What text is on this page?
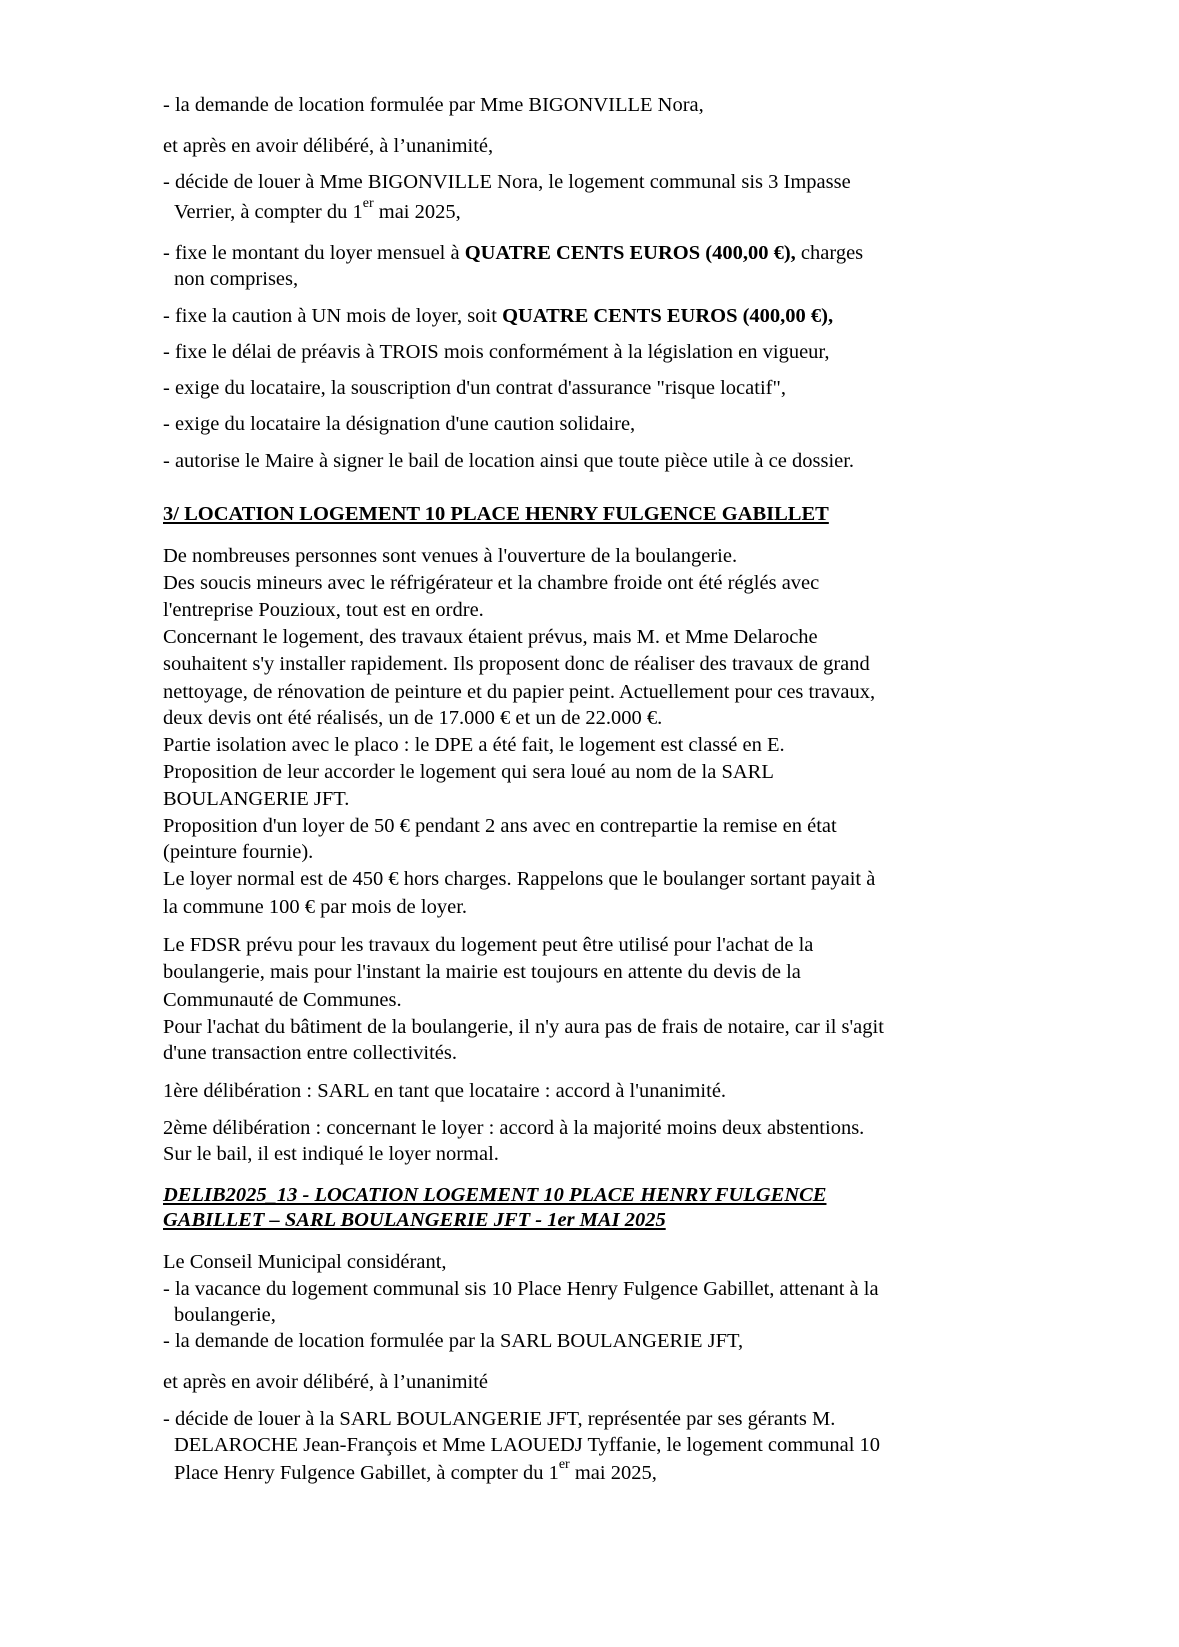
- la demande de location formulée par Mme BIGONVILLE Nora,
et après en avoir délibéré, à l’unanimité,
- décide de louer à Mme BIGONVILLE Nora, le logement communal sis 3 Impasse
Verrier, à compter du 1er mai 2025,
- fixe le montant du loyer mensuel à QUATRE CENTS EUROS (400,00 €), charges
non comprises,
- fixe la caution à UN mois de loyer, soit QUATRE CENTS EUROS (400,00 €),
- fixe le délai de préavis à TROIS mois conformément à la législation en vigueur,
- exige du locataire, la souscription d'un contrat d'assurance "risque locatif",
- exige du locataire la désignation d'une caution solidaire,
- autorise le Maire à signer le bail de location ainsi que toute pièce utile à ce dossier.
3/ LOCATION LOGEMENT 10 PLACE HENRY FULGENCE GABILLET
De nombreuses personnes sont venues à l'ouverture de la boulangerie.
Des soucis mineurs avec le réfrigérateur et la chambre froide ont été réglés avec
l'entreprise Pouzioux, tout est en ordre.
Concernant le logement, des travaux étaient prévus, mais M. et Mme Delaroche
souhaitent s'y installer rapidement. Ils proposent donc de réaliser des travaux de grand
nettoyage, de rénovation de peinture et du papier peint. Actuellement pour ces travaux,
deux devis ont été réalisés, un de 17.000 € et un de 22.000 €.
Partie isolation avec le placo : le DPE a été fait, le logement est classé en E.
Proposition de leur accorder le logement qui sera loué au nom de la SARL
BOULANGERIE JFT.
Proposition d'un loyer de 50 € pendant 2 ans avec en contrepartie la remise en état
(peinture fournie).
Le loyer normal est de 450 € hors charges. Rappelons que le boulanger sortant payait à
la commune 100 € par mois de loyer.
Le FDSR prévu pour les travaux du logement peut être utilisé pour l'achat de la
boulangerie, mais pour l'instant la mairie est toujours en attente du devis de la
Communauté de Communes.
Pour l'achat du bâtiment de la boulangerie, il n'y aura pas de frais de notaire, car il s'agit
d'une transaction entre collectivités.
1ère délibération : SARL en tant que locataire : accord à l'unanimité.
2ème délibération : concernant le loyer : accord à la majorité moins deux abstentions.
Sur le bail, il est indiqué le loyer normal.
DELIB2025_13 - LOCATION LOGEMENT 10 PLACE HENRY FULGENCE
GABILLET – SARL BOULANGERIE JFT - 1er MAI 2025
Le Conseil Municipal considérant,
- la vacance du logement communal sis 10 Place Henry Fulgence Gabillet, attenant à la
boulangerie,
- la demande de location formulée par la SARL BOULANGERIE JFT,
et après en avoir délibéré, à l’unanimité
- décide de louer à la SARL BOULANGERIE JFT, représentée par ses gérants M.
DELAROCHE Jean-François et Mme LAOUEDJ Tyffanie, le logement communal 10
Place Henry Fulgence Gabillet, à compter du 1er mai 2025,
